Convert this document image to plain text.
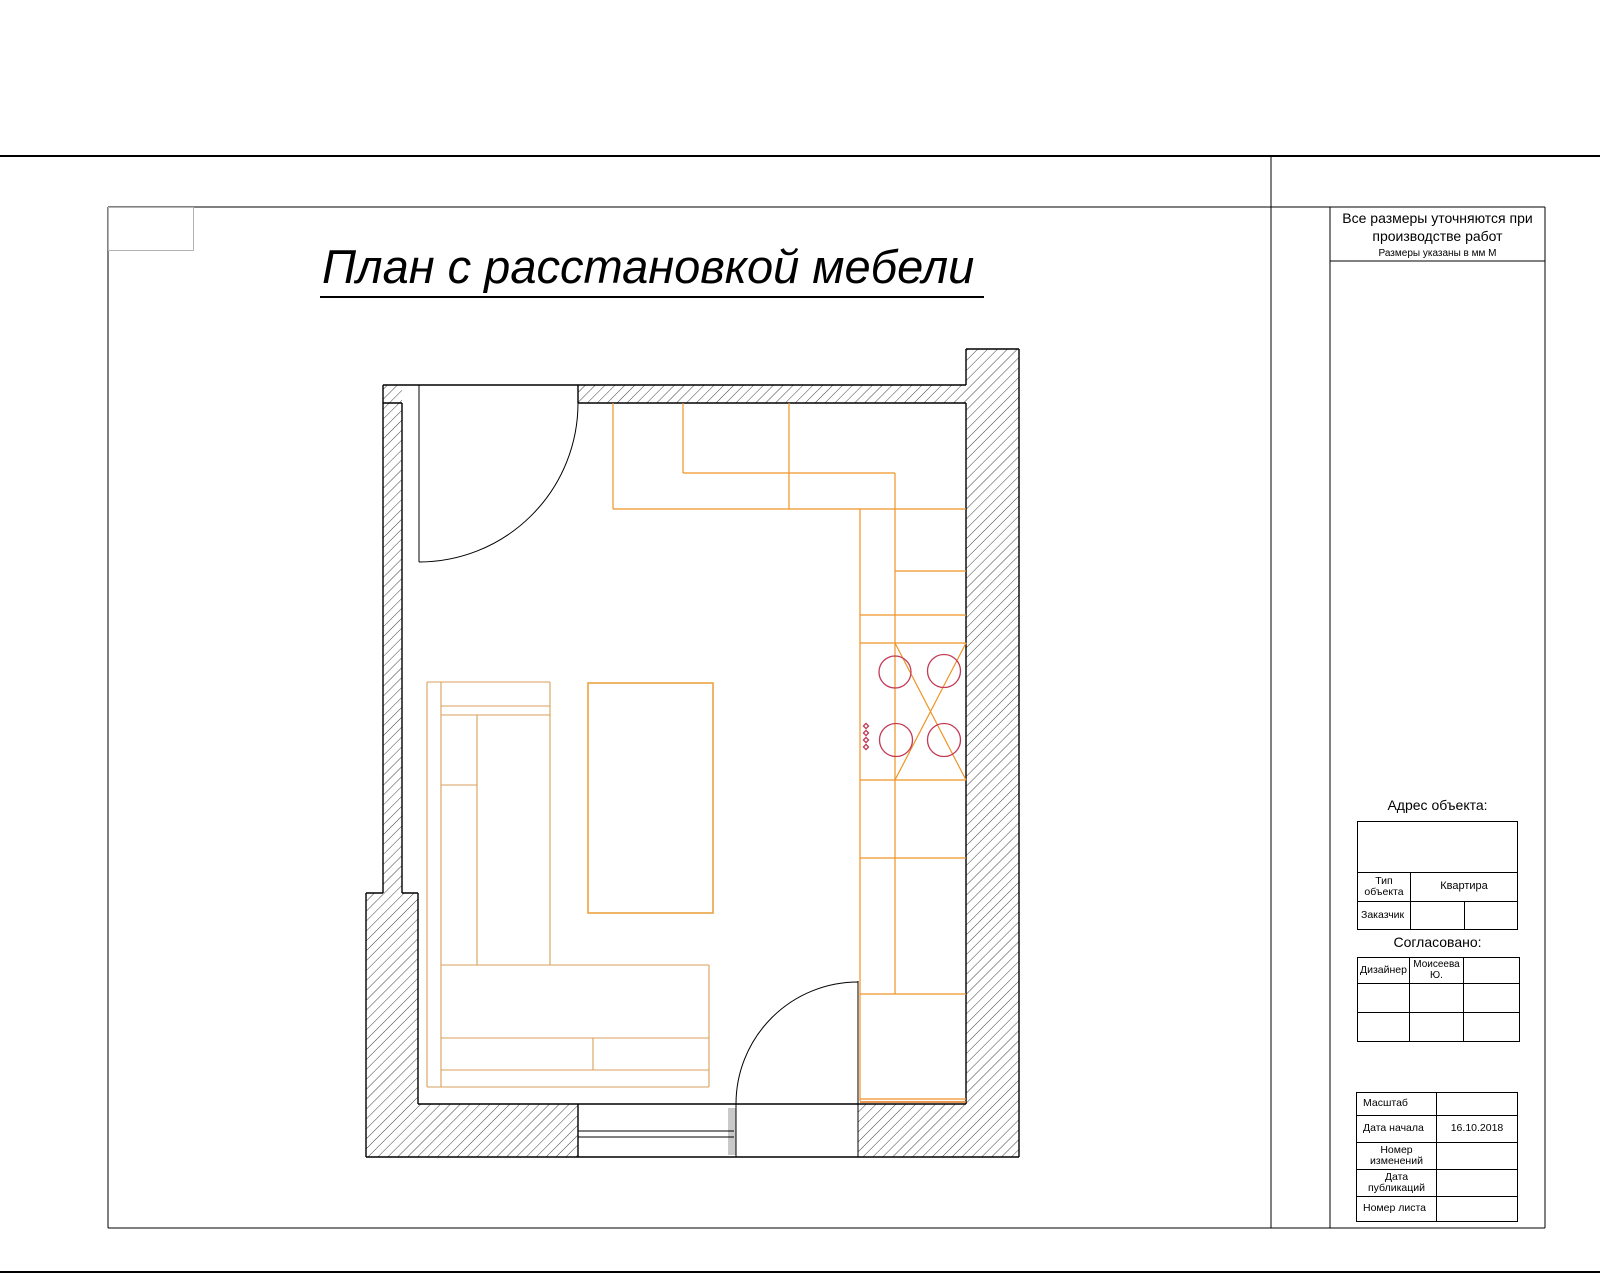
План с расстановкой мебели
Все размеры уточняются при
производстве работ
Размеры указаны в мм М
Адрес объекта:
Тип объекта	Квартира
Заказчик
Согласовано:
Дизайнер Моисеева Ю.
Масштаб
Дата начала	16.10.2018
Номер изменений
Дата публикаций
Номер листа
